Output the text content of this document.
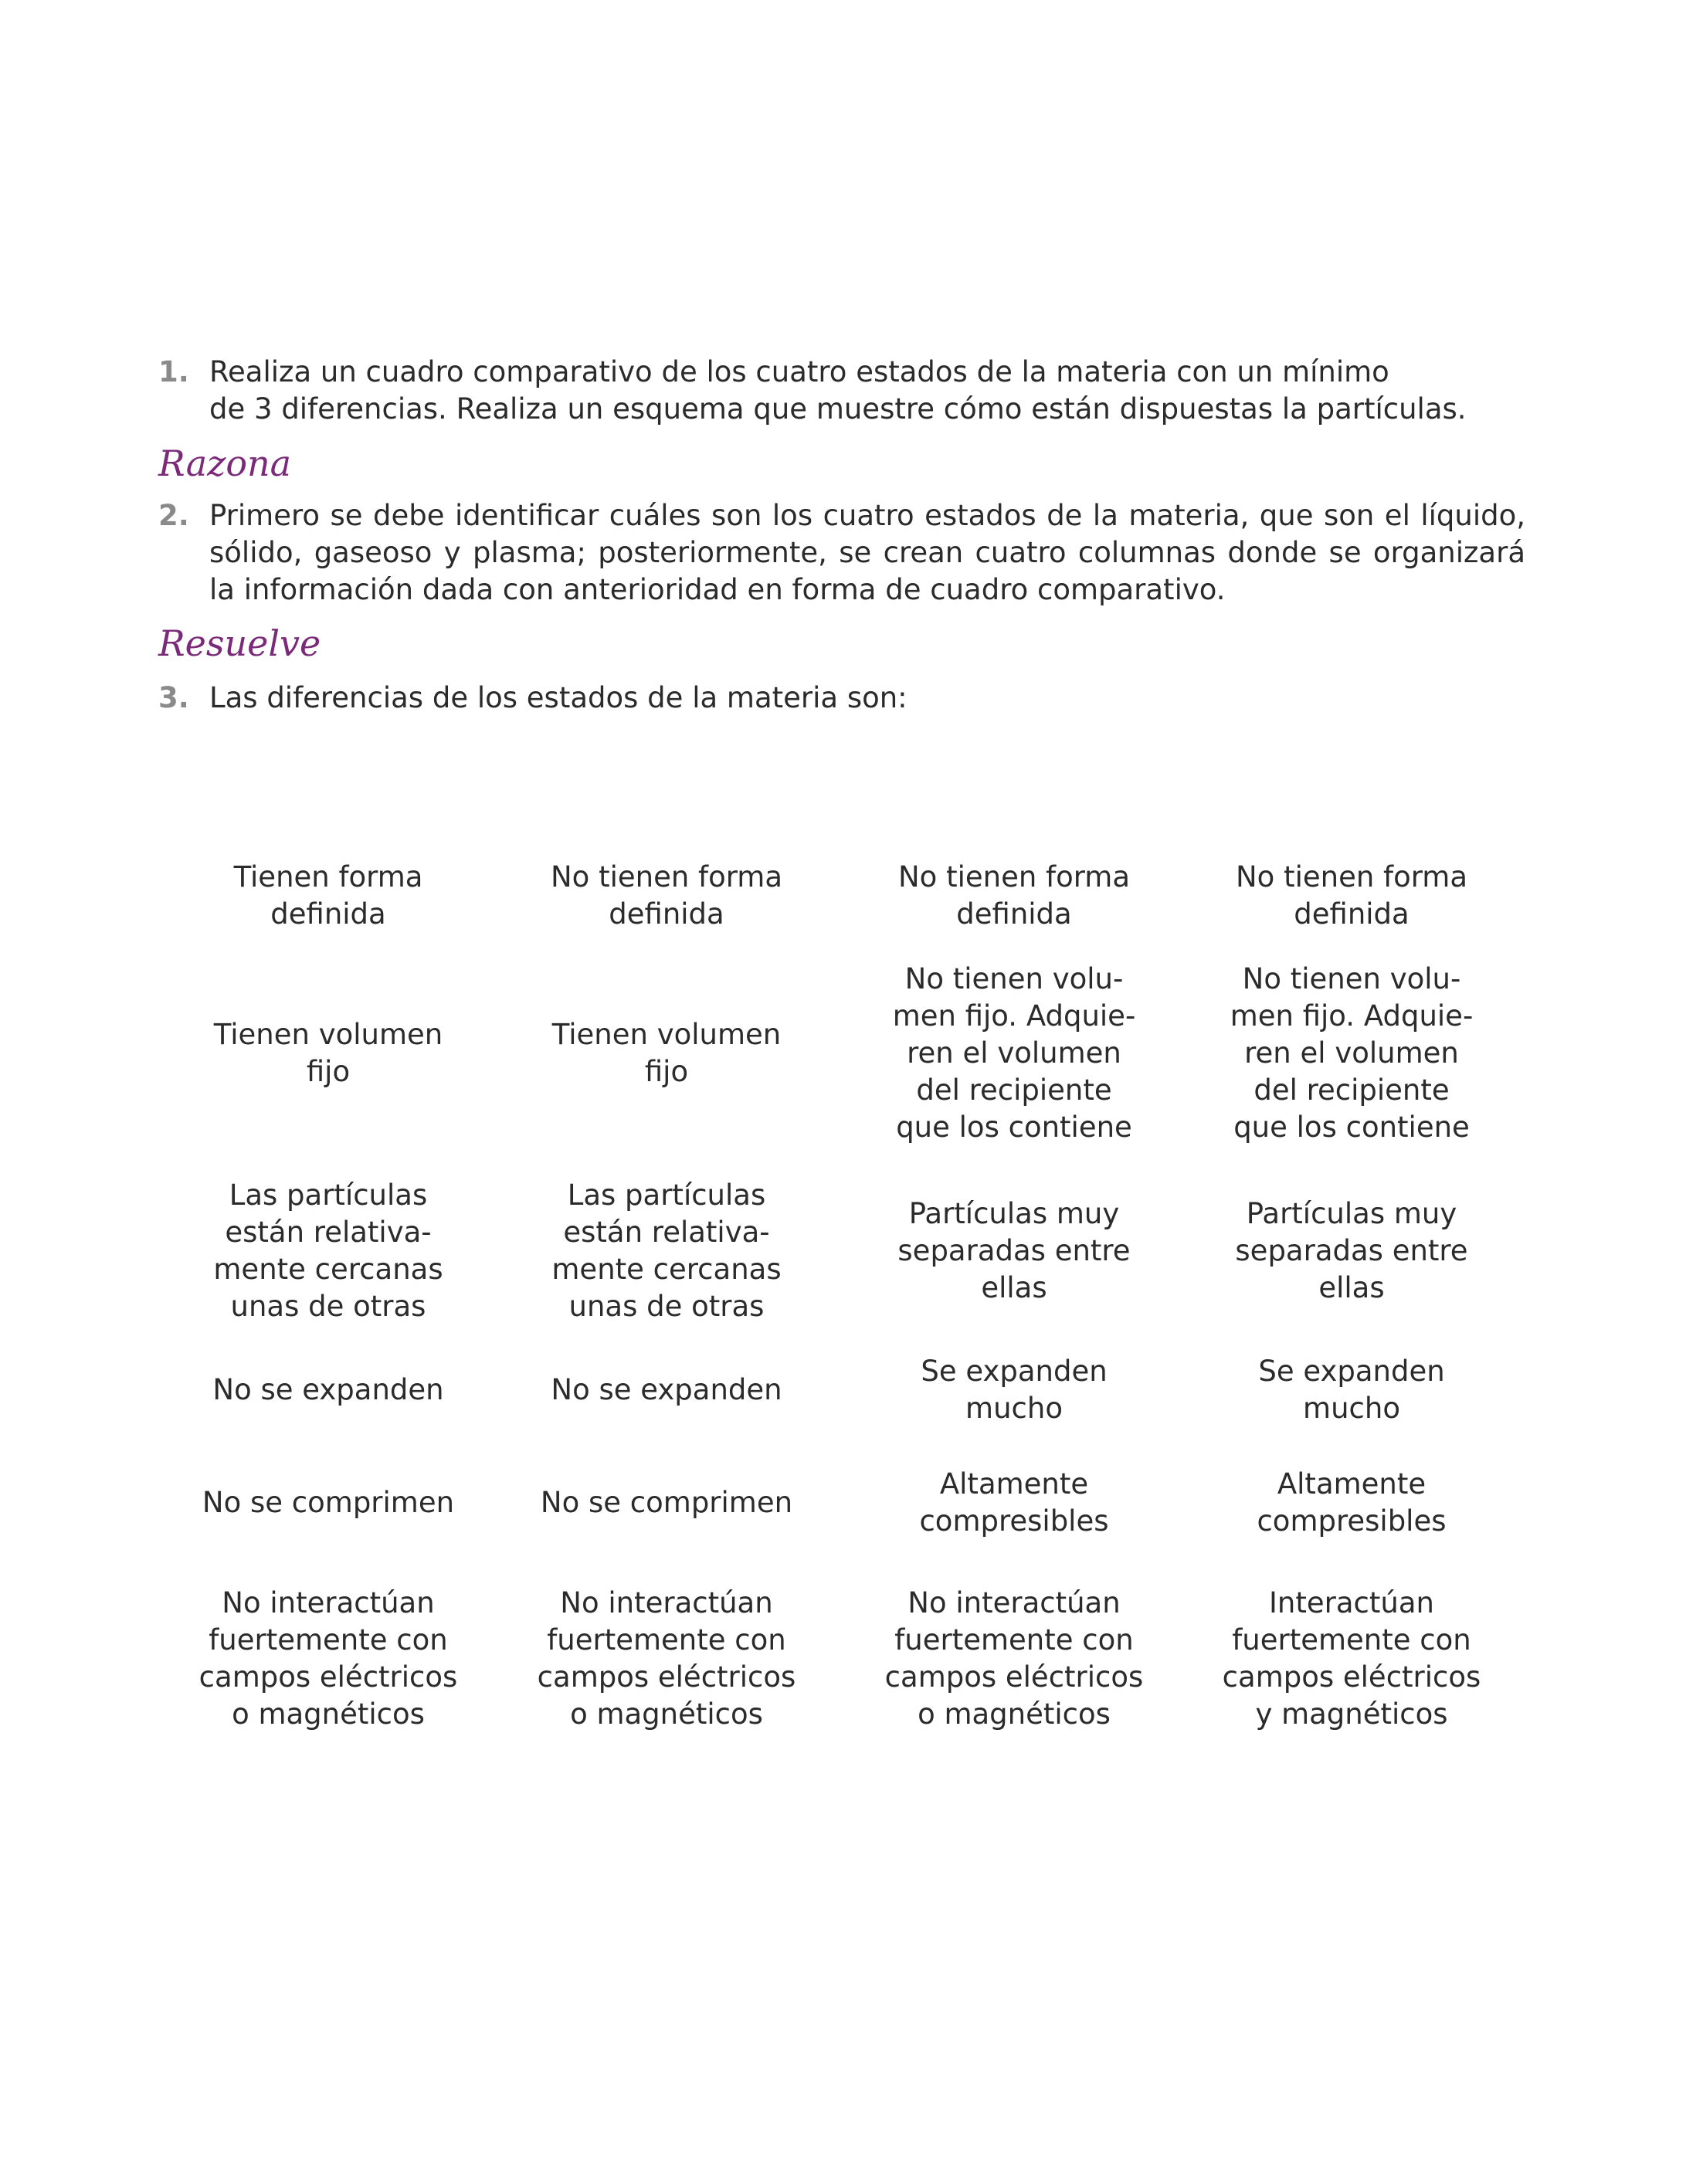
1. Realiza un cuadro comparativo de los cuatro estados de la materia con un mínimo
de 3 diferencias. Realiza un esquema que muestre cómo están dispuestas la partículas.
Razona
2. Primero se debe identificar cuáles son los cuatro estados de la materia, que son el líquido, sólido, gaseoso y plasma; posteriormente, se crean cuatro columnas donde se organizará la información dada con anterioridad en forma de cuadro comparativo.
Resuelve
3. Las diferencias de los estados de la materia son:
Tienen forma
definida
No tienen forma
definida
No tienen forma
definida
No tienen forma
definida
Tienen volumen
fijo
Tienen volumen
fijo
No tienen volu-
men fijo. Adquie-
ren el volumen
del recipiente
que los contiene
No tienen volu-
men fijo. Adquie-
ren el volumen
del recipiente
que los contiene
Las partículas
están relativa-
mente cercanas
unas de otras
Las partículas
están relativa-
mente cercanas
unas de otras
Partículas muy
separadas entre
ellas
Partículas muy
separadas entre
ellas
No se expanden	No se expanden
Se expanden
mucho
Se expanden
mucho
No se comprimen	No se comprimen
Altamente
compresibles
Altamente
compresibles
No interactúan
fuertemente con
campos eléctricos
o magnéticos
No interactúan
fuertemente con
campos eléctricos
o magnéticos
No interactúan
fuertemente con
campos eléctricos
o magnéticos
Interactúan
fuertemente con
campos eléctricos
y magnéticos
